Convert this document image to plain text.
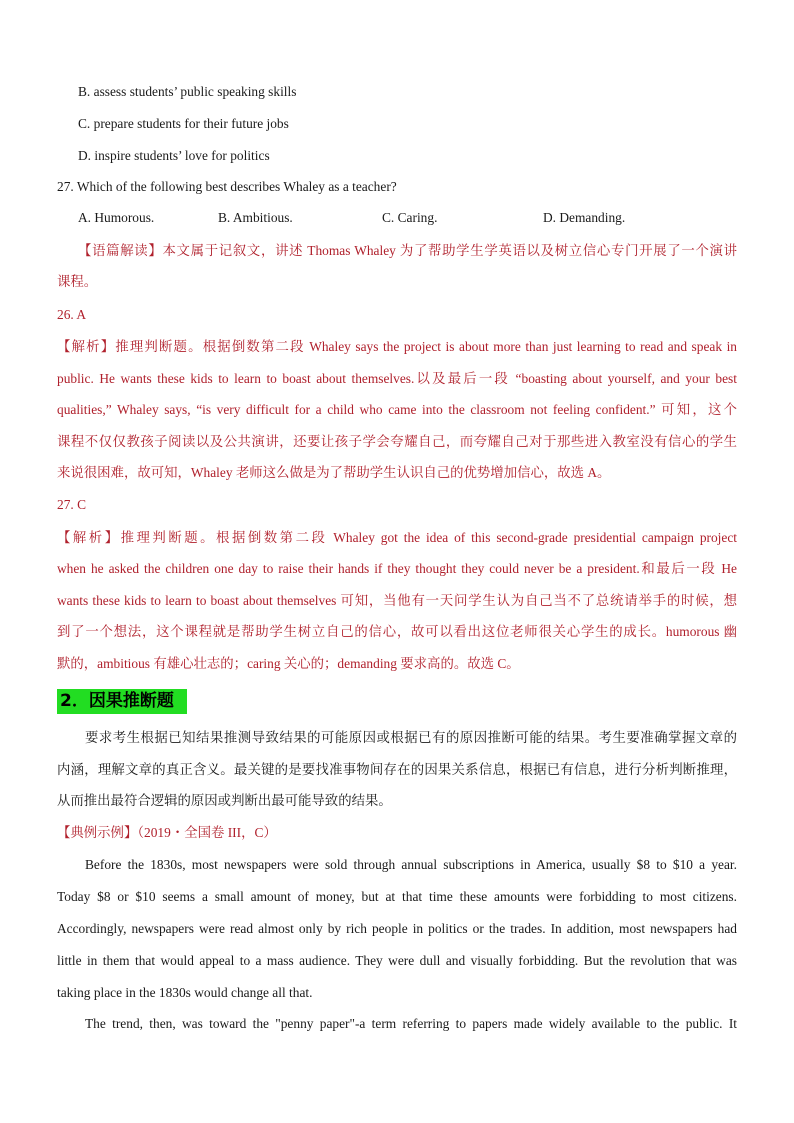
B. assess students’ public speaking skills
C. prepare students for their future jobs
D. inspire students’ love for politics
27. Which of the following best describes Whaley as a teacher?
A. Humorous.	B. Ambitious.	C. Caring.	D. Demanding.
【语篇解读】本文属于记叙文，讲述 Thomas Whaley 为了帮助学生学英语以及树立信心专门开展了一个演讲
课程。
26. A
【解析】推理判断题。根据倒数第二段 Whaley says the project is about more than just learning to read and speak in
public. He wants these kids to learn to boast about themselves.以及最后一段 “boasting about yourself, and your best
qualities,” Whaley says, “is very difficult for a child who came into the classroom not feeling confident.” 可知，这个
课程不仅仅教孩子阅读以及公共演讲，还要让孩子学会夸耀自己，而夸耀自己对于那些进入教室没有信心的学生
来说很困难，故可知，Whaley 老师这么做是为了帮助学生认识自己的优势增加信心，故选 A。
27. C
【解析】推理判断题。根据倒数第二段 Whaley got the idea of this second-grade presidential campaign project
when he asked the children one day to raise their hands if they thought they could never be a president.和最后一段 He
wants these kids to learn to boast about themselves 可知，当他有一天问学生认为自己当不了总统请举手的时候，想
到了一个想法，这个课程就是帮助学生树立自己的信心，故可以看出这位老师很关心学生的成长。humorous 幽
默的，ambitious 有雄心壮志的；caring 关心的；demanding 要求高的。故选 C。
2．因果推断题
要求考生根据已知结果推测导致结果的可能原因或根据已有的原因推断可能的结果。考生要准确掌握文章的
内涵，理解文章的真正含义。最关键的是要找准事物间存在的因果关系信息，根据已有信息，进行分析判断推理，
从而推出最符合逻辑的原因或判断出最可能导致的结果。
【典例示例】（2019・全国卷 III，C）
Before the 1830s, most newspapers were sold through annual subscriptions in America, usually $8 to $10 a year.
Today $8 or $10 seems a small amount of money, but at that time these amounts were forbidding to most citizens.
Accordingly, newspapers were read almost only by rich people in politics or the trades. In addition, most newspapers had
little in them that would appeal to a mass audience. They were dull and visually forbidding. But the revolution that was
taking place in the 1830s would change all that.
The trend, then, was toward the "penny paper"-a term referring to papers made widely available to the public. It
